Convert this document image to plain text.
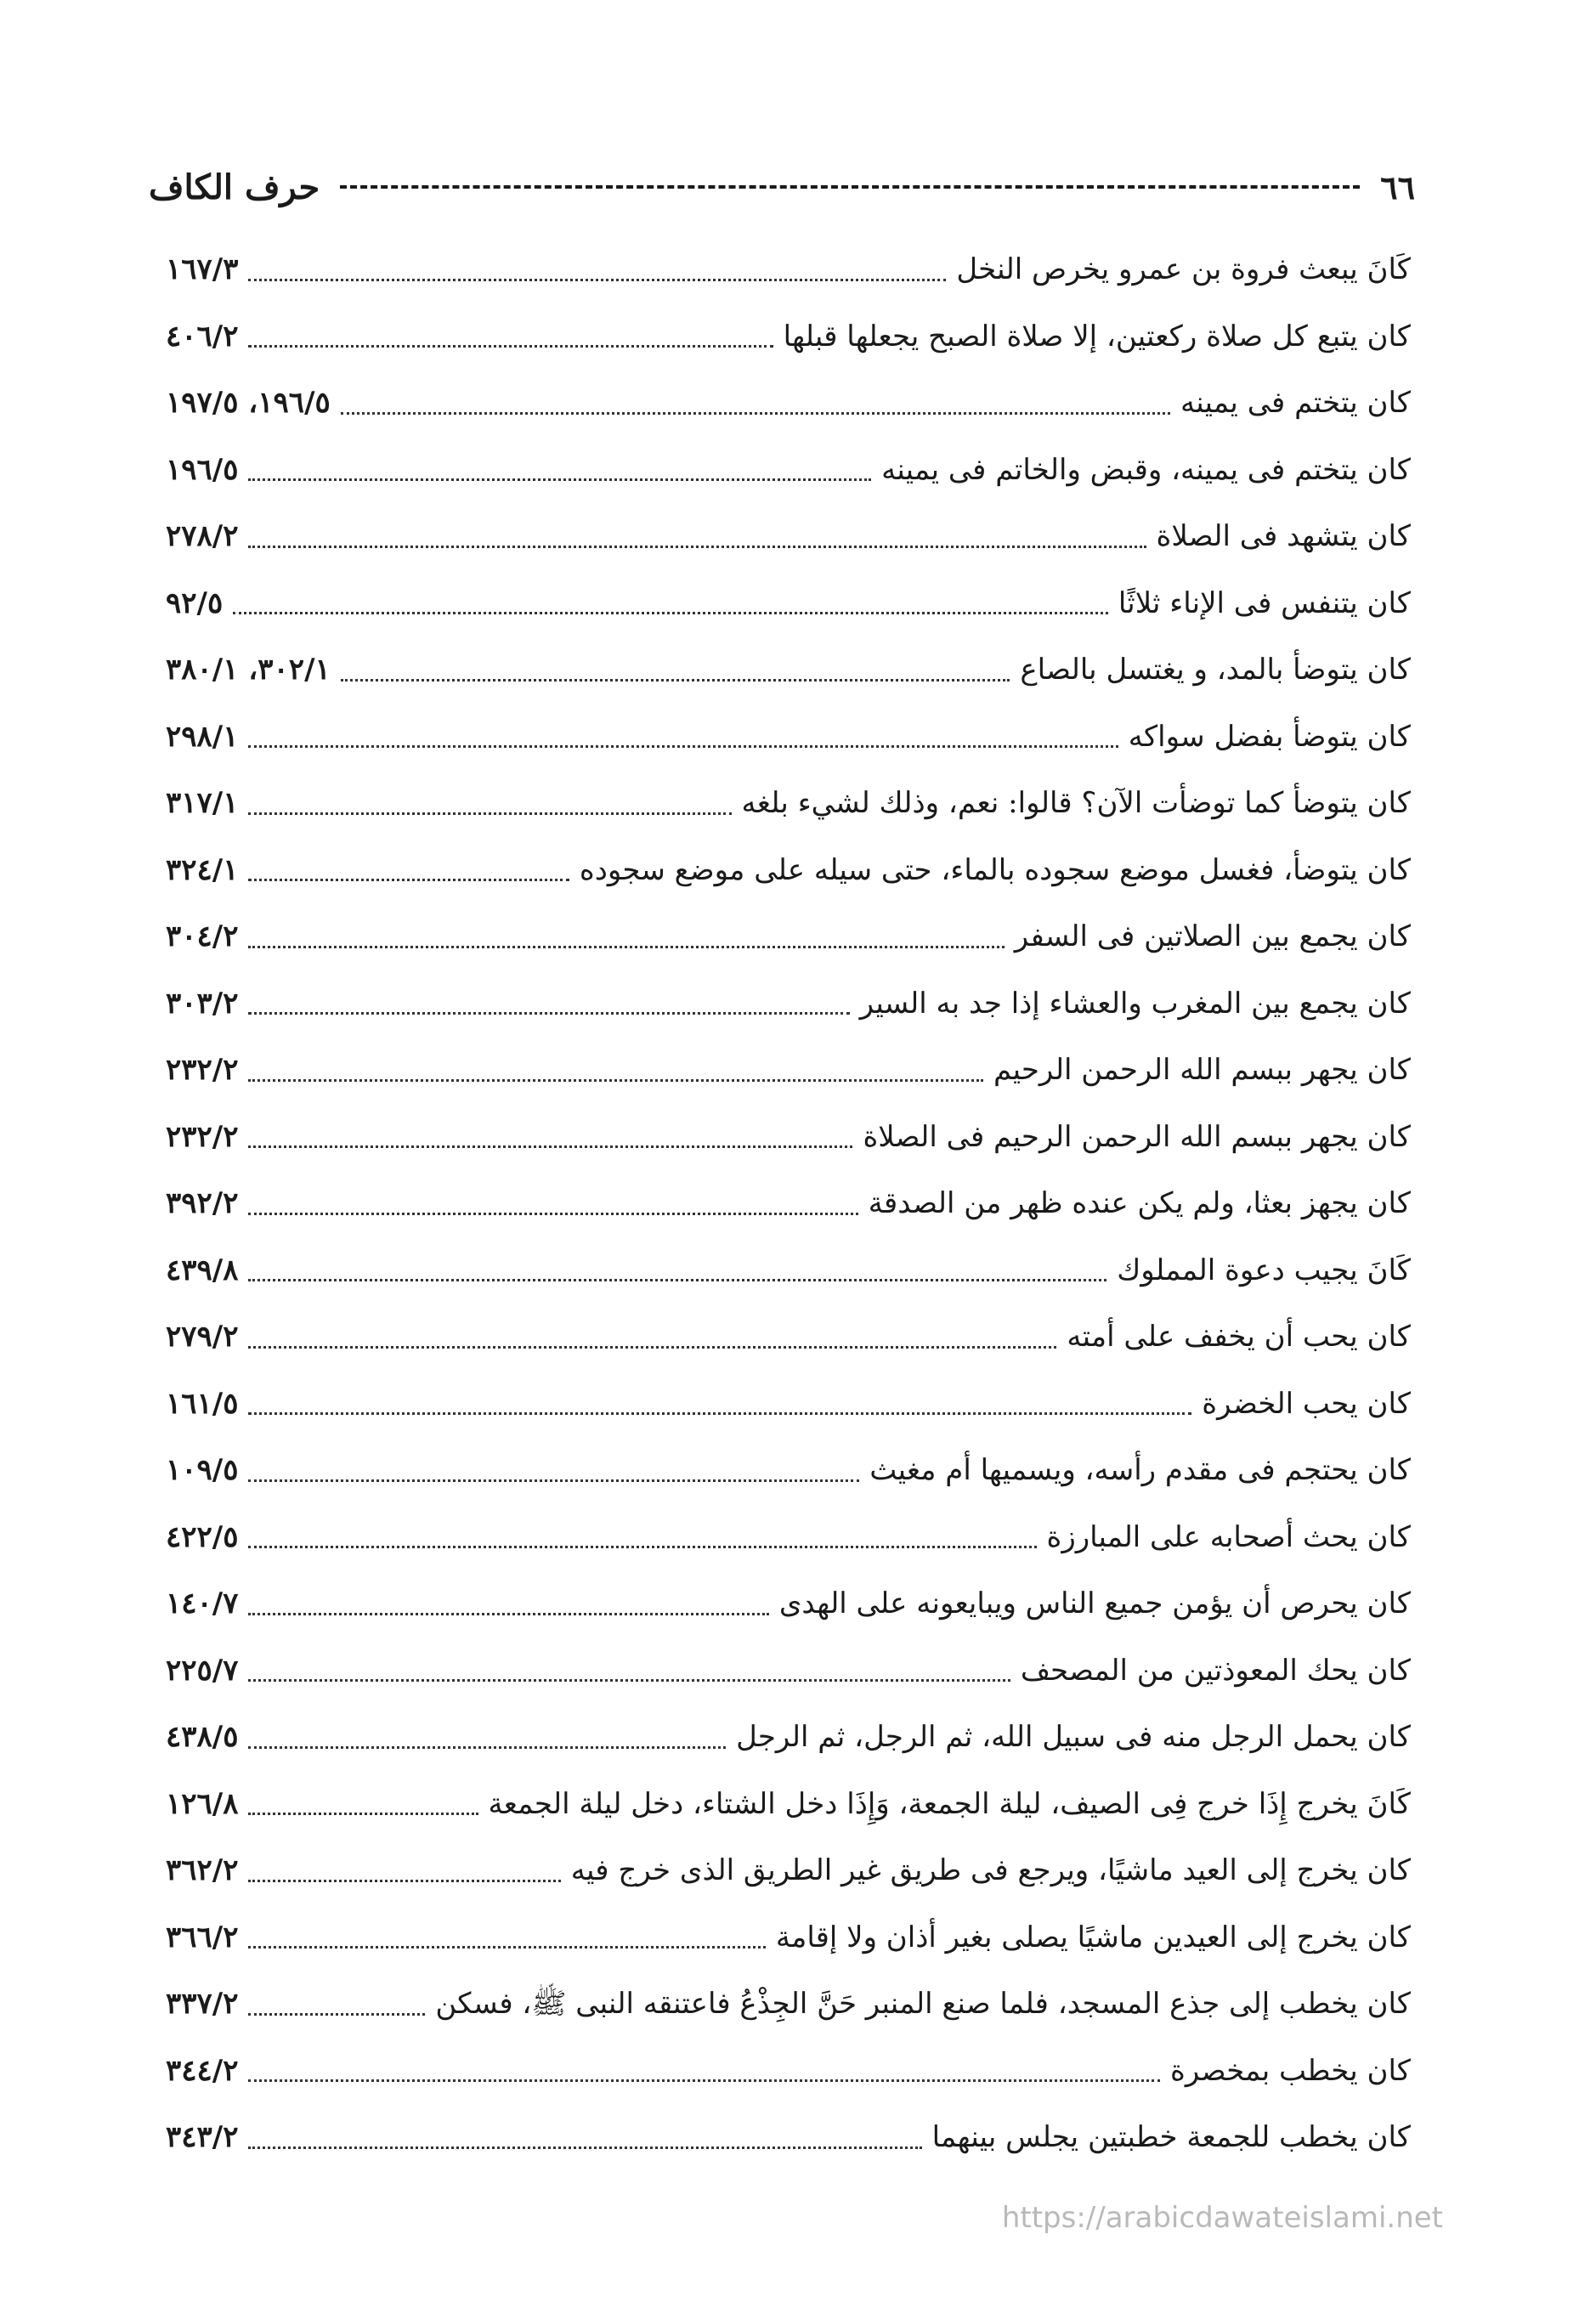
٦٦
حرف الكاف
كَانَ يبعث فروة بن عمرو يخرص النخل
١٦٧/٣
كان يتبع كل صلاة ركعتين، إلا صلاة الصبح يجعلها قبلها
٤٠٦/٢
كان يتختم فى يمينه
١٩٦/٥، ١٩٧/٥
كان يتختم فى يمينه، وقبض والخاتم فى يمينه
١٩٦/٥
كان يتشهد فى الصلاة
٢٧٨/٢
كان يتنفس فى الإناء ثلاثًا
٩٢/٥
كان يتوضأ بالمد، و يغتسل بالصاع
٣٠٢/١، ٣٨٠/١
كان يتوضأ بفضل سواكه
٢٩٨/١
كان يتوضأ كما توضأت الآن؟ قالوا: نعم، وذلك لشيء بلغه
٣١٧/١
كان يتوضأ، فغسل موضع سجوده بالماء، حتى سيله على موضع سجوده
٣٢٤/١
كان يجمع بين الصلاتين فى السفر
٣٠٤/٢
كان يجمع بين المغرب والعشاء إذا جد به السير
٣٠٣/٢
كان يجهر ببسم الله الرحمن الرحيم
٢٣٢/٢
كان يجهر ببسم الله الرحمن الرحيم فى الصلاة
٢٣٢/٢
كان يجهز بعثا، ولم يكن عنده ظهر من الصدقة
٣٩٢/٢
كَانَ يجيب دعوة المملوك
٤٣٩/٨
كان يحب أن يخفف على أمته
٢٧٩/٢
كان يحب الخضرة
١٦١/٥
كان يحتجم فى مقدم رأسه، ويسميها أم مغيث
١٠٩/٥
كان يحث أصحابه على المبارزة
٤٢٢/٥
كان يحرص أن يؤمن جميع الناس ويبايعونه على الهدى
١٤٠/٧
كان يحك المعوذتين من المصحف
٢٢٥/٧
كان يحمل الرجل منه فى سبيل الله، ثم الرجل، ثم الرجل
٤٣٨/٥
كَانَ يخرج إِذَا خرج فِى الصيف، ليلة الجمعة، وَإِذَا دخل الشتاء، دخل ليلة الجمعة
١٢٦/٨
كان يخرج إلى العيد ماشيًا، ويرجع فى طريق غير الطريق الذى خرج فيه
٣٦٢/٢
كان يخرج إلى العيدين ماشيًا يصلى بغير أذان ولا إقامة
٣٦٦/٢
كان يخطب إلى جذع المسجد، فلما صنع المنبر حَنَّ الجِذْعُ فاعتنقه النبى ﷺ، فسكن
٣٣٧/٢
كان يخطب بمخصرة
٣٤٤/٢
كان يخطب للجمعة خطبتين يجلس بينهما
٣٤٣/٢
https://arabicdawateislami.net
